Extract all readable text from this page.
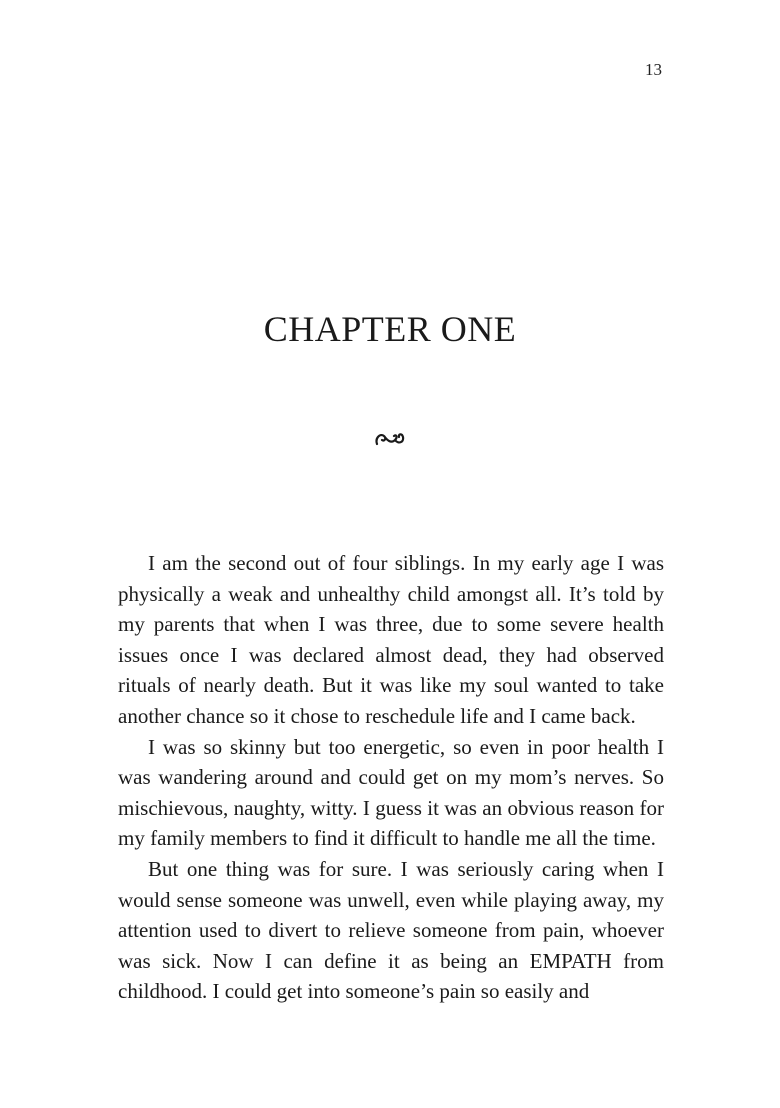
13
CHAPTER ONE

I am the second out of four siblings. In my early age I was physically a weak and unhealthy child amongst all. It’s told by my parents that when I was three, due to some severe health issues once I was declared almost dead, they had observed rituals of nearly death. But it was like my soul wanted to take another chance so it chose to reschedule life and I came back.

I was so skinny but too energetic, so even in poor health I was wandering around and could get on my mom’s nerves. So mischievous, naughty, witty. I guess it was an obvious reason for my family members to find it difficult to handle me all the time.

But one thing was for sure. I was seriously caring when I would sense someone was unwell, even while playing away, my attention used to divert to relieve someone from pain, whoever was sick. Now I can define it as being an EMPATH from childhood. I could get into someone’s pain so easily and
